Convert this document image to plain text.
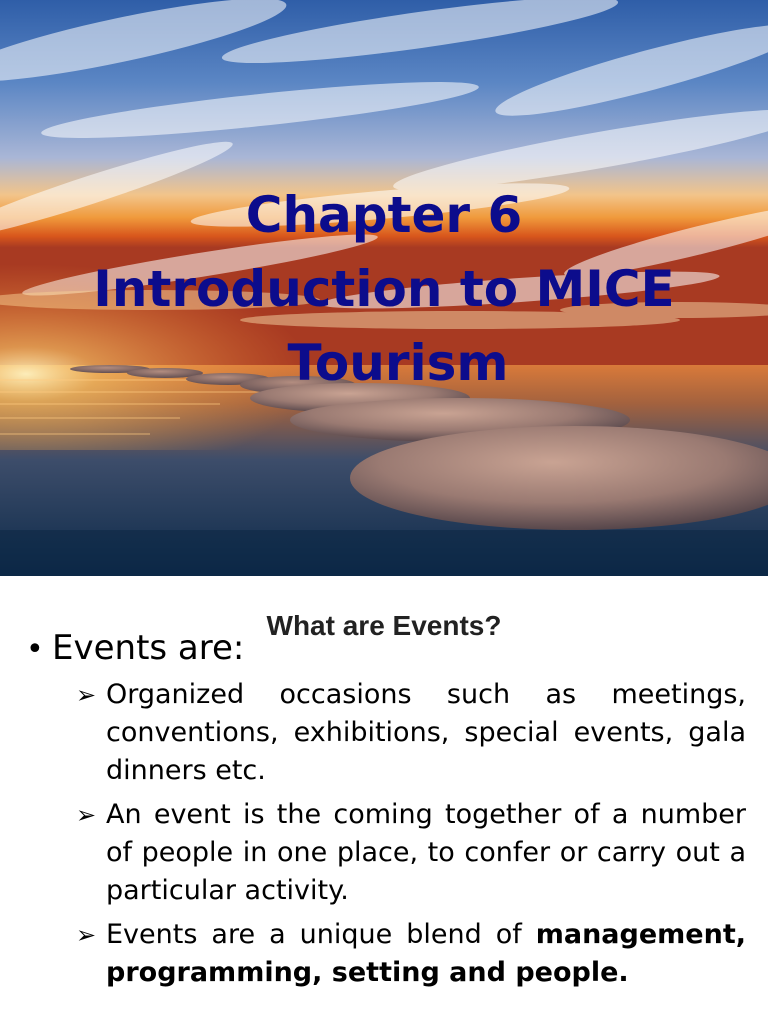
Chapter 6
Introduction to MICE
Tourism
What are Events?
• Events are:
➢ Organized occasions such as meetings, conventions, exhibitions, special events, gala dinners etc.
➢ An event is the coming together of a number of people in one place, to confer or carry out a particular activity.
➢ Events are a unique blend of management, programming, setting and people.
